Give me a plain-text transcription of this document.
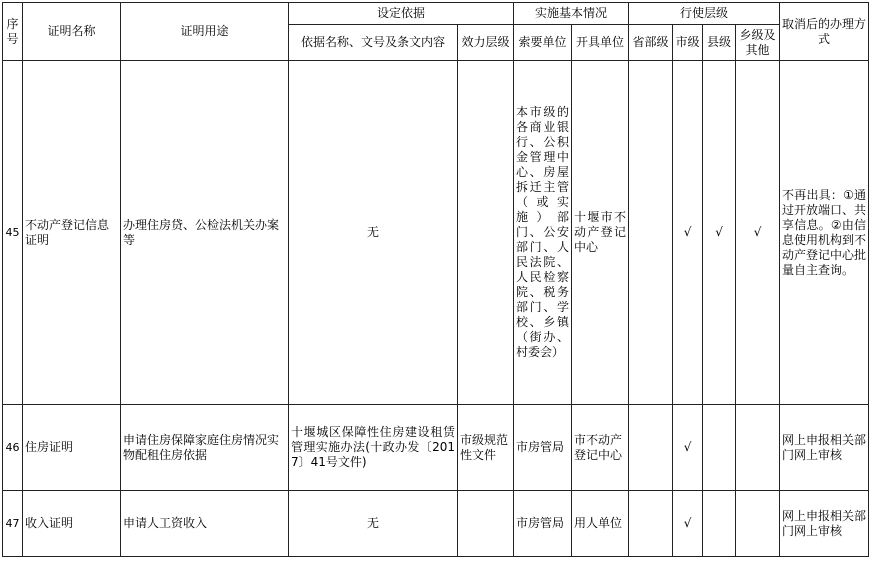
序号	证明名称	证明用途	设定依据		实施基本情况		行使层级				取消后的办理方式
			依据名称、文号及条文内容	效力层级	索要单位	开具单位	省部级	市级	县级	乡级及其他	
45	不动产登记信息证明	办理住房贷、公检法机关办案等	无		本市级的各商业银行、公积金管理中心、房屋拆迁主管（或实施）部门、公安部门、人民法院、人民检察院、税务部门、学校、乡镇（街办、村委会）	十堰市不动产登记中心		√	√	√	不再出具：①通过开放端口、共享信息。②由信息使用机构到不动产登记中心批量自主查询。
46	住房证明	申请住房保障家庭住房情况实物配租住房依据	十堰城区保障性住房建设租赁管理实施办法(十政办发〔2017〕41号文件)	市级规范性文件	市房管局	市不动产登记中心		√			网上申报相关部门网上审核
47	收入证明	申请人工资收入	无		市房管局	用人单位		√			网上申报相关部门网上审核
